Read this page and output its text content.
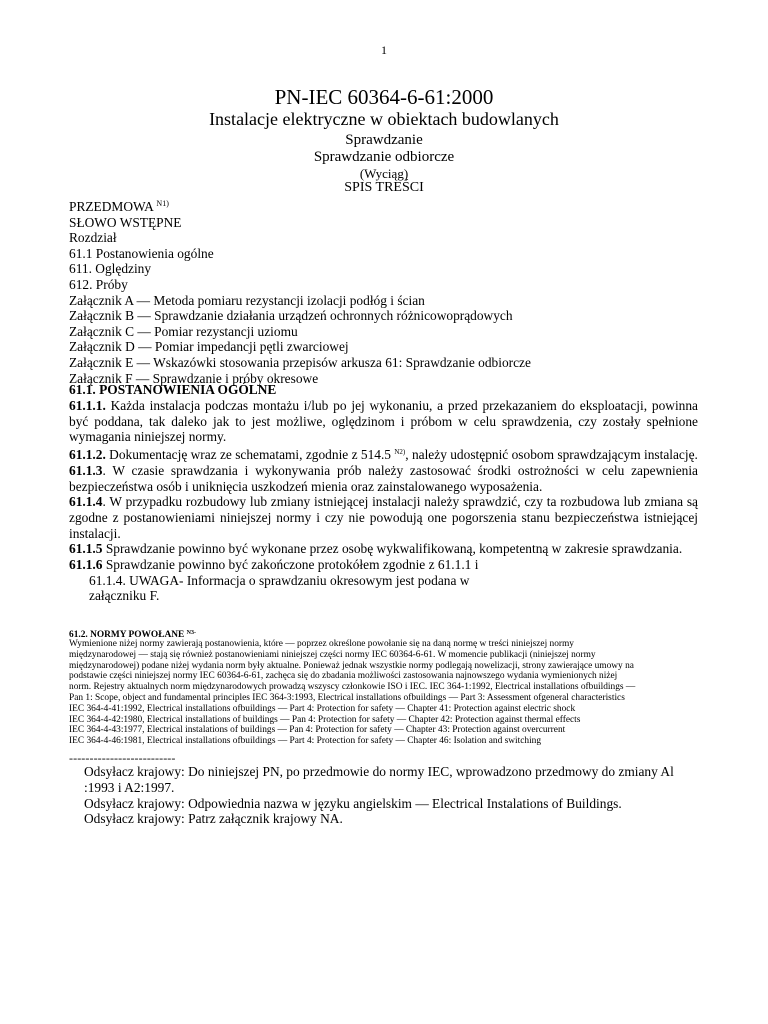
1
PN-IEC 60364-6-61:2000
Instalacje elektryczne w obiektach budowlanych
Sprawdzanie
Sprawdzanie odbiorcze
(Wyciąg)
SPIS TREŚCI
PRZEDMOWA $^{N1)}$
SŁOWO WSTĘPNE
Rozdział
61.1 Postanowienia ogólne
611. Oględziny
612. Próby
Załącznik A — Metoda pomiaru rezystancji izolacji podłóg i ścian
Załącznik B — Sprawdzanie działania urządzeń ochronnych różnicowoprądowych
Załącznik C — Pomiar rezystancji uziomu
Załącznik D — Pomiar impedancji pętli zwarciowej
Załącznik E — Wskazówki stosowania przepisów arkusza 61: Sprawdzanie odbiorcze
Załącznik F — Sprawdzanie i próby okresowe
61.1. POSTANOWIENIA OGÓLNE
61.1.1. Każda instalacja podczas montażu i/lub po jej wykonaniu, a przed przekazaniem do eksploatacji, powinna być poddana, tak daleko jak to jest możliwe, oględzinom i próbom w celu sprawdzenia, czy zostały spełnione wymagania niniejszej normy.
61.1.2. Dokumentację wraz ze schematami, zgodnie z 514.5 $^{N2)}$, należy udostępnić osobom sprawdzającym instalację.
61.1.3. W czasie sprawdzania i wykonywania prób należy zastosować środki ostrożności w celu zapewnienia bezpieczeństwa osób i uniknięcia uszkodzeń mienia oraz zainstalowanego wyposażenia.
61.1.4. W przypadku rozbudowy lub zmiany istniejącej instalacji należy sprawdzić, czy ta rozbudowa lub zmiana są zgodne z postanowieniami niniejszej normy i czy nie powodują one pogorszenia stanu bezpieczeństwa istniejącej instalacji.
61.1.5 Sprawdzanie powinno być wykonane przez osobę wykwalifikowaną, kompetentną w zakresie sprawdzania.
61.1.6 Sprawdzanie powinno być zakończone protokółem zgodnie z 61.1.1 i
61.1.4. UWAGA- Informacja o sprawdzaniu okresowym jest podana w załączniku F.
61.2. NORMY POWOŁANE $^{N3-}$
Wymienione niżej normy zawierają postanowienia, które — poprzez określone powołanie się na daną normę w treści niniejszej normy
międzynarodowej — stają się również postanowieniami niniejszej części normy IEC 60364-6-61. W momencie publikacji (niniejszej normy
międzynarodowej) podane niżej wydania norm były aktualne. Ponieważ jednak wszystkie normy podlegają nowelizacji, strony zawierające umowy na
podstawie części niniejszej normy IEC 60364-6-61, zachęca się do zbadania możliwości zastosowania najnowszego wydania wymienionych niżej
norm. Rejestry aktualnych norm międzynarodowych prowadzą wszyscy członkowie ISO i IEC. IEC 364-1:1992, Electrical installations ofbuildings —
Pan 1: Scope, object and fundamental principles IEC 364-3:1993, Electrical installations ofbuildings — Part 3: Assessment ofgeneral characteristics
IEC 364-4-41:1992, Electrical installations ofbuildings — Part 4: Protection for safety — Chapter 41: Protection against electric shock
IEC 364-4-42:1980, Electrical installations of buildings — Pan 4: Protection for safety — Chapter 42: Protection against thermal effects
IEC 364-4-43:1977, Electrical instalations of buildings — Pan 4: Protection for safety — Chapter 43: Protection against overcurrent
IEC 364-4-46:1981, Electrical installations ofbuildings — Part 4: Protection for safety — Chapter 46: Isolation and switching
--------------------------
Odsyłacz krajowy: Do niniejszej PN, po przedmowie do normy IEC, wprowadzono przedmowy do zmiany Al :1993 i A2:1997.
Odsyłacz krajowy: Odpowiednia nazwa w języku angielskim — Electrical Instalations of Buildings.
Odsyłacz krajowy: Patrz załącznik krajowy NA.
